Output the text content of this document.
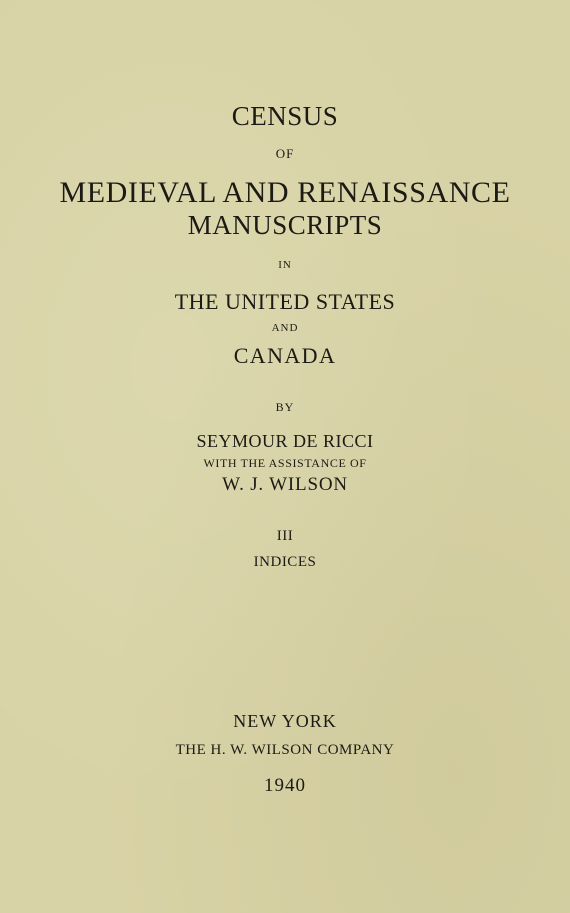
CENSUS

OF

MEDIEVAL AND RENAISSANCE

MANUSCRIPTS

IN

THE UNITED STATES

AND

CANADA

BY

SEYMOUR DE RICCI

WITH THE ASSISTANCE OF

W. J. WILSON

III

INDICES

NEW YORK

THE H. W. WILSON COMPANY

1940
